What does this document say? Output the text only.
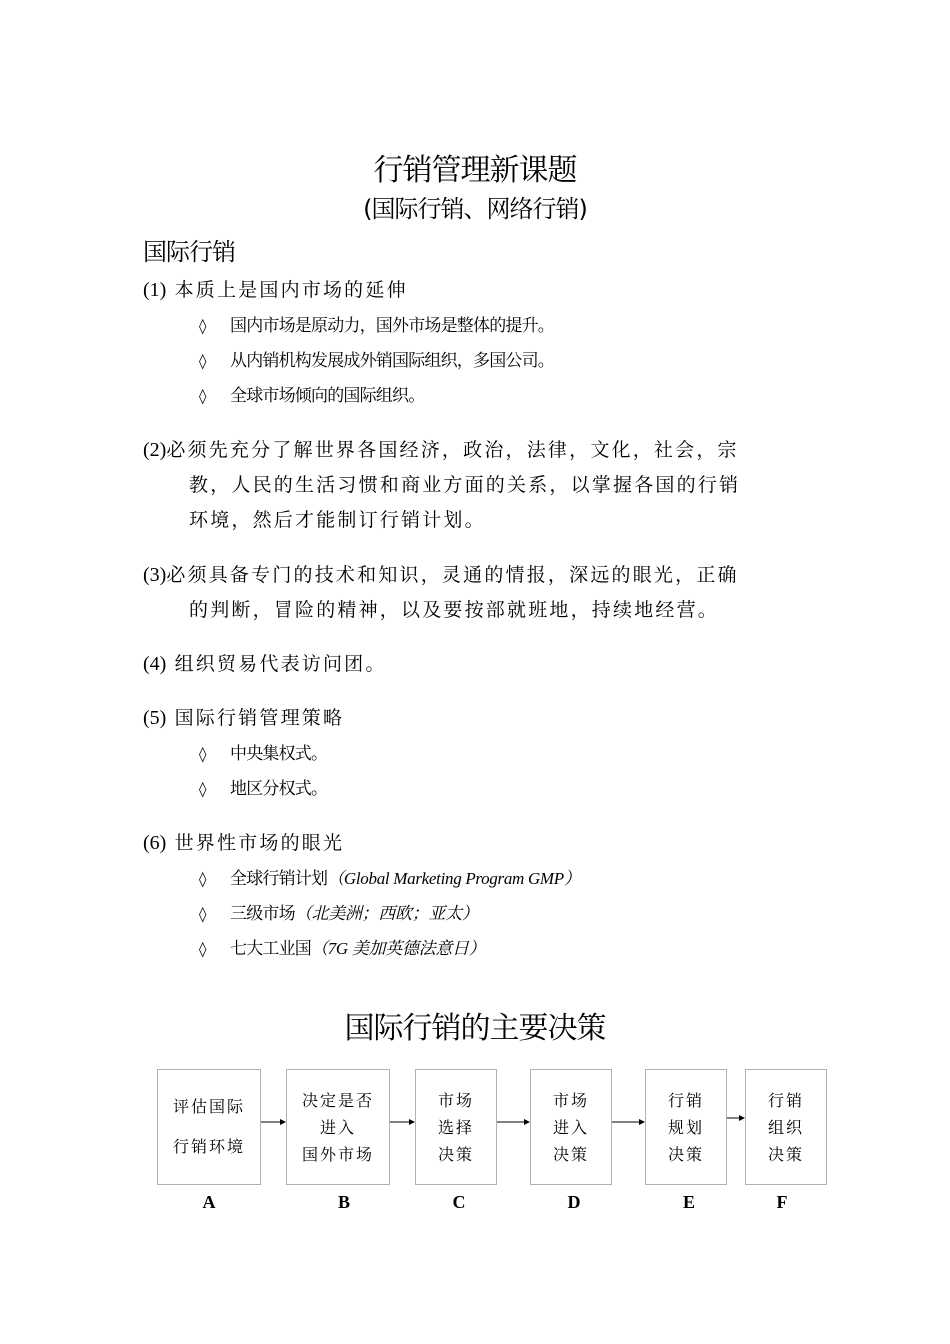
行销管理新课题
(国际行销、网络行销)
国际行销
(1) 本质上是国内市场的延伸
◊ 国内市场是原动力，国外市场是整体的提升。
◊ 从内销机构发展成外销国际组织，多国公司。
◊ 全球市场倾向的国际组织。
(2)必须先充分了解世界各国经济，政治，法律，文化，社会，宗
教，人民的生活习惯和商业方面的关系，以掌握各国的行销
环境，然后才能制订行销计划。
(3)必须具备专门的技术和知识，灵通的情报，深远的眼光，正确
的判断，冒险的精神，以及要按部就班地，持续地经营。
(4) 组织贸易代表访问团。
(5) 国际行销管理策略
◊ 中央集权式。
◊ 地区分权式。
(6) 世界性市场的眼光
◊ 全球行销计划（Global Marketing Program GMP）
◊ 三级市场（北美洲；西欧；亚太）
◊ 七大工业国（7G 美加英德法意日）
国际行销的主要决策
评估国际
行销环境
决定是否
进入
国外市场
市场
选择
决策
市场
进入
决策
行销
规划
决策
行销
组织
决策
A	B	C	D	E	F
